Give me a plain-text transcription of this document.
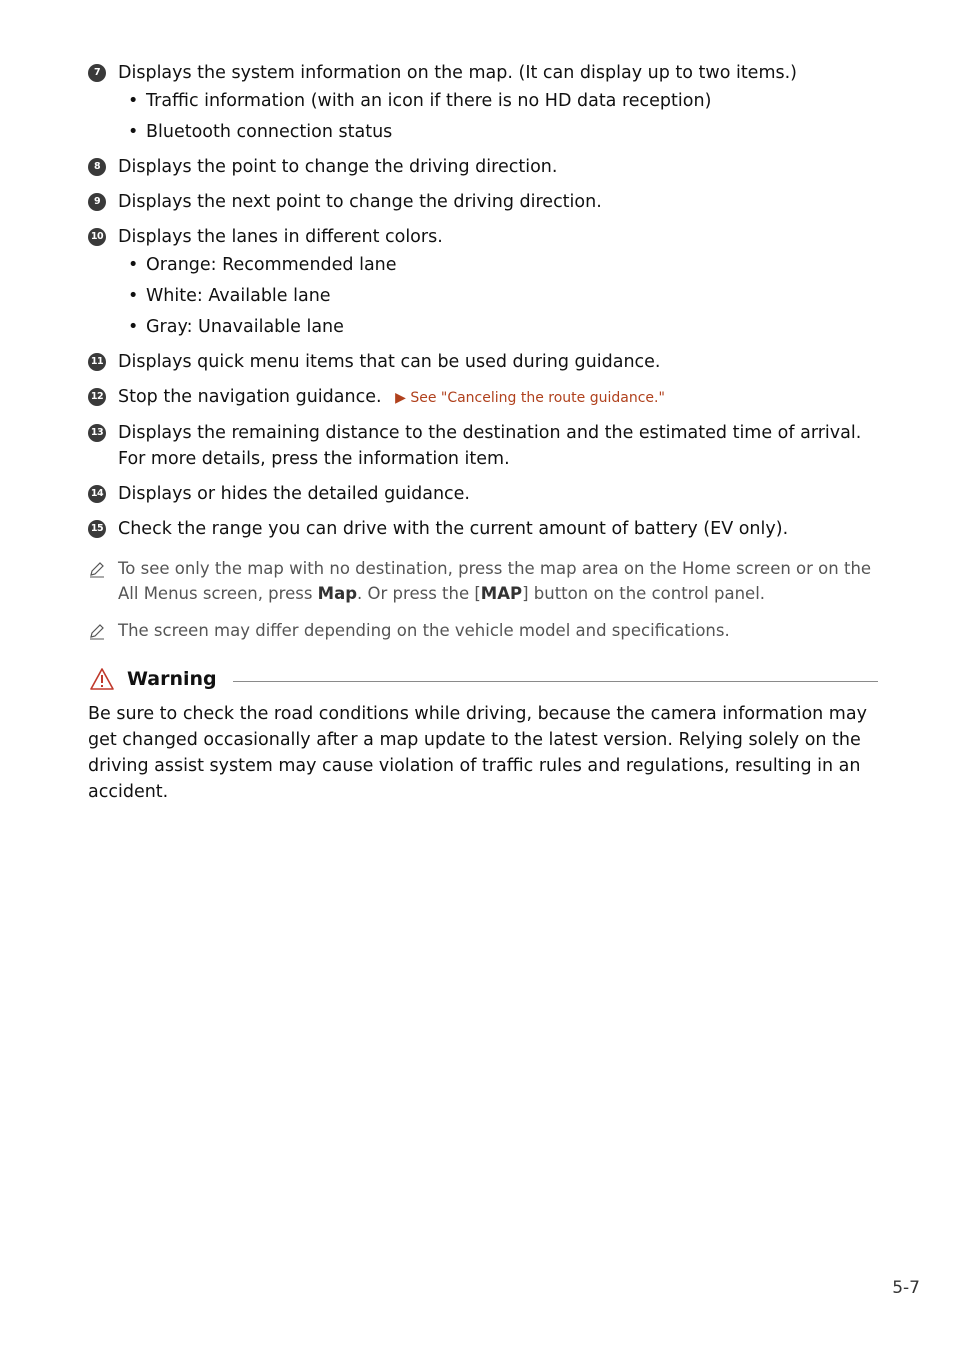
7	Displays the system information on the map. (It can display up to two items.)
• Traffic information (with an icon if there is no HD data reception)
• Bluetooth connection status
8	Displays the point to change the driving direction.
9	Displays the next point to change the driving direction.
10 Displays the lanes in different colors.
• Orange: Recommended lane
• White: Available lane
• Gray: Unavailable lane
11 Displays quick menu items that can be used during guidance.
12 Stop the navigation guidance. ▶ See "Canceling the route guidance."
13 Displays the remaining distance to the destination and the estimated time of arrival. For more details, press the information item.
14 Displays or hides the detailed guidance.
15 Check the range you can drive with the current amount of battery (EV only).
To see only the map with no destination, press the map area on the Home screen or on the All Menus screen, press Map. Or press the [MAP] button on the control panel.
The screen may differ depending on the vehicle model and specifications.
Warning
Be sure to check the road conditions while driving, because the camera information may get changed occasionally after a map update to the latest version. Relying solely on the driving assist system may cause violation of traffic rules and regulations, resulting in an accident.
5-7
